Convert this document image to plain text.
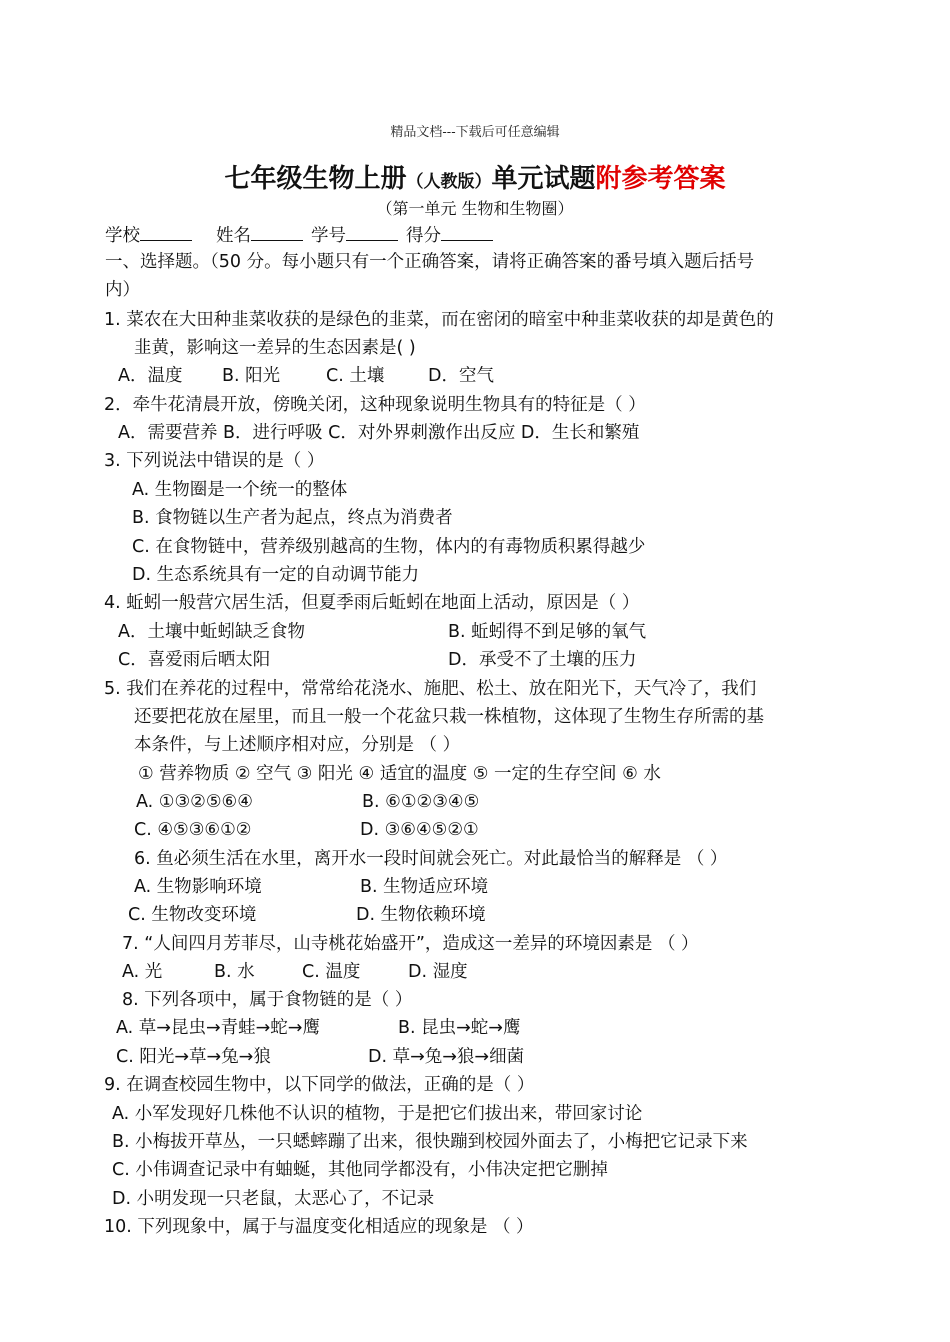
精品文档---下载后可任意编辑
七年级生物上册（人教版）单元试题附参考答案
（第一单元 生物和生物圈）
学校	姓名	学号	得分
一、选择题。（50 分。每小题只有一个正确答案，请将正确答案的番号填入题后括号
内）
1. 菜农在大田种韭菜收获的是绿色的韭菜，而在密闭的暗室中种韭菜收获的却是黄色的
韭黄，影响这一差异的生态因素是( )
A．温度 B. 阳光	C. 土壤 D．空气
2．牵牛花清晨开放，傍晚关闭，这种现象说明生物具有的特征是（ ）
A．需要营养 B．进行呼吸 C．对外界刺激作出反应 D．生长和繁殖
3. 下列说法中错误的是（ ）
A. 生物圈是一个统一的整体
B. 食物链以生产者为起点，终点为消费者
C. 在食物链中，营养级别越高的生物，体内的有毒物质积累得越少
D. 生态系统具有一定的自动调节能力
4. 蚯蚓一般营穴居生活，但夏季雨后蚯蚓在地面上活动，原因是（ ）
A．土壤中蚯蚓缺乏食物	B. 蚯蚓得不到足够的氧气
C．喜爱雨后晒太阳	D．承受不了土壤的压力
5. 我们在养花的过程中，常常给花浇水、施肥、松土、放在阳光下，天气冷了，我们
还要把花放在屋里，而且一般一个花盆只栽一株植物，这体现了生物生存所需的基
本条件，与上述顺序相对应，分别是 （ ）
① 营养物质 ② 空气 ③ 阳光 ④ 适宜的温度 ⑤ 一定的生存空间 ⑥ 水
A. ①③②⑤⑥④	B. ⑥①②③④⑤
C. ④⑤③⑥①②	D. ③⑥④⑤②①
6. 鱼必须生活在水里，离开水一段时间就会死亡。对此最恰当的解释是 （ ）
A. 生物影响环境	B. 生物适应环境
C. 生物改变环境	D. 生物依赖环境
7. “人间四月芳菲尽，山寺桃花始盛开”，造成这一差异的环境因素是 （ ）
A. 光	B. 水	C. 温度	D. 湿度
8. 下列各项中，属于食物链的是（ ）
A. 草→昆虫→青蛙→蛇→鹰	B. 昆虫→蛇→鹰
C. 阳光→草→兔→狼	D. 草→兔→狼→细菌
9. 在调查校园生物中，以下同学的做法，正确的是（ ）
A. 小军发现好几株他不认识的植物，于是把它们拔出来，带回家讨论
B. 小梅拔开草丛，一只蟋蟀蹦了出来，很快蹦到校园外面去了，小梅把它记录下来
C. 小伟调查记录中有蚰蜒，其他同学都没有，小伟决定把它删掉
D. 小明发现一只老鼠，太恶心了，不记录
10. 下列现象中，属于与温度变化相适应的现象是 （ ）
